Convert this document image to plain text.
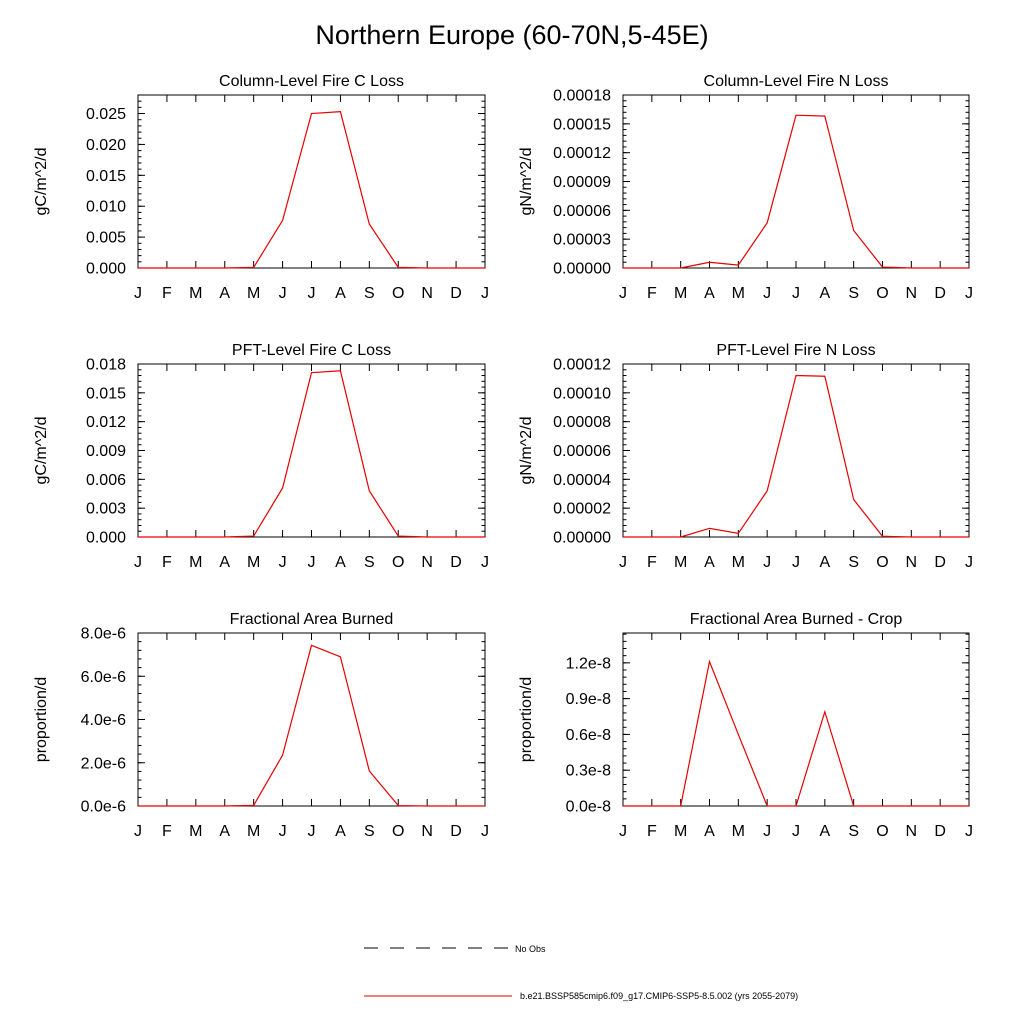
Northern Europe (60-70N,5-45E)
Column-Level Fire C Loss
gC/m^2/d
J F M A M J J A S O N D J
0.000
0.005
0.010
0.015
0.020
0.025
Column-Level Fire N Loss
gN/m^2/d
J F M A M J J A S O N D J
0.00000
0.00003
0.00006
0.00009
0.00012
0.00015
0.00018
PFT-Level Fire C Loss
gC/m^2/d
J F M A M J J A S O N D J
0.000
0.003
0.006
0.009
0.012
0.015
0.018
PFT-Level Fire N Loss
gN/m^2/d
J F M A M J J A S O N D J
0.00000
0.00002
0.00004
0.00006
0.00008
0.00010
0.00012
Fractional Area Burned
proportion/d
J F M A M J J A S O N D J
0.0e-6
2.0e-6
4.0e-6
6.0e-6
8.0e-6
Fractional Area Burned - Crop
proportion/d
J F M A M J J A S O N D J
0.0e-8
0.3e-8
0.6e-8
0.9e-8
1.2e-8
No Obs
b.e21.BSSP585cmip6.f09_g17.CMIP6-SSP5-8.5.002 (yrs 2055-2079)
